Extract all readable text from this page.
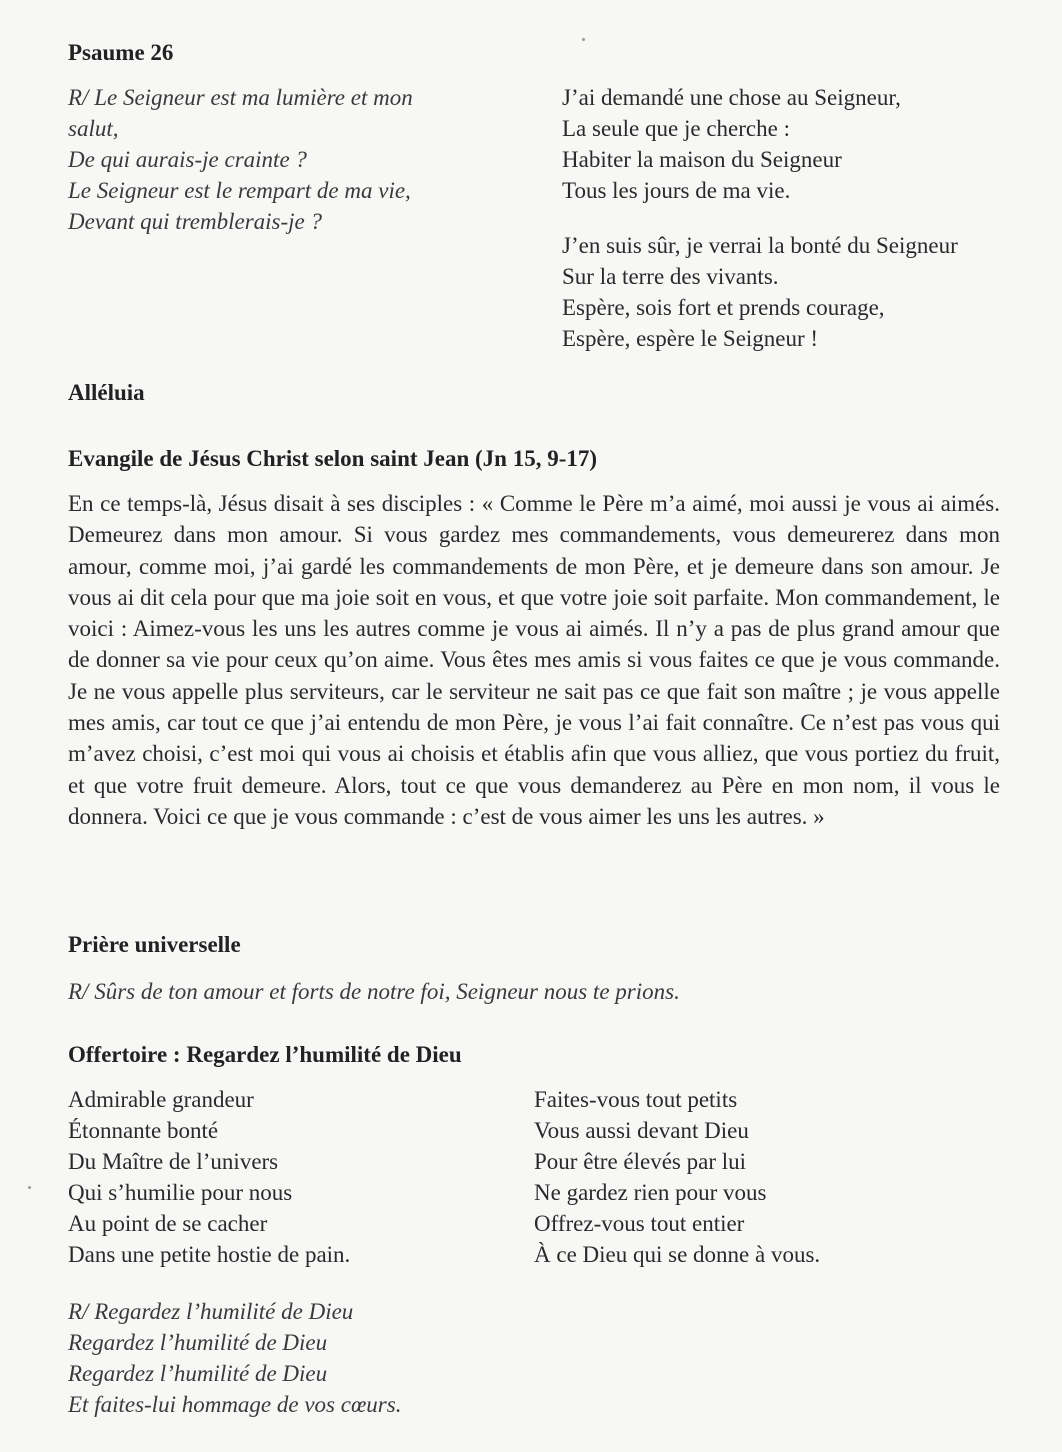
Psaume 26
R/ Le Seigneur est ma lumière et mon
salut,
De qui aurais-je crainte ?
Le Seigneur est le rempart de ma vie,
Devant qui tremblerais-je ?
J’ai demandé une chose au Seigneur,
La seule que je cherche :
Habiter la maison du Seigneur
Tous les jours de ma vie.
J’en suis sûr, je verrai la bonté du Seigneur
Sur la terre des vivants.
Espère, sois fort et prends courage,
Espère, espère le Seigneur !
Alléluia
Evangile de Jésus Christ selon saint Jean (Jn 15, 9-17)
En ce temps-là, Jésus disait à ses disciples : « Comme le Père m’a aimé, moi aussi je vous ai aimés. Demeurez dans mon amour. Si vous gardez mes commandements, vous demeurerez dans mon amour, comme moi, j’ai gardé les commandements de mon Père, et je demeure dans son amour. Je vous ai dit cela pour que ma joie soit en vous, et que votre joie soit parfaite. Mon commandement, le voici : Aimez-vous les uns les autres comme je vous ai aimés. Il n’y a pas de plus grand amour que de donner sa vie pour ceux qu’on aime. Vous êtes mes amis si vous faites ce que je vous commande. Je ne vous appelle plus serviteurs, car le serviteur ne sait pas ce que fait son maître ; je vous appelle mes amis, car tout ce que j’ai entendu de mon Père, je vous l’ai fait connaître. Ce n’est pas vous qui m’avez choisi, c’est moi qui vous ai choisis et établis afin que vous alliez, que vous portiez du fruit, et que votre fruit demeure. Alors, tout ce que vous demanderez au Père en mon nom, il vous le donnera. Voici ce que je vous commande : c’est de vous aimer les uns les autres. »
Prière universelle
R/ Sûrs de ton amour et forts de notre foi, Seigneur nous te prions.
Offertoire : Regardez l’humilité de Dieu
Admirable grandeur
Étonnante bonté
Du Maître de l’univers
Qui s’humilie pour nous
Au point de se cacher
Dans une petite hostie de pain.
Faites-vous tout petits
Vous aussi devant Dieu
Pour être élevés par lui
Ne gardez rien pour vous
Offrez-vous tout entier
À ce Dieu qui se donne à vous.
R/ Regardez l’humilité de Dieu
Regardez l’humilité de Dieu
Regardez l’humilité de Dieu
Et faites-lui hommage de vos cœurs.
